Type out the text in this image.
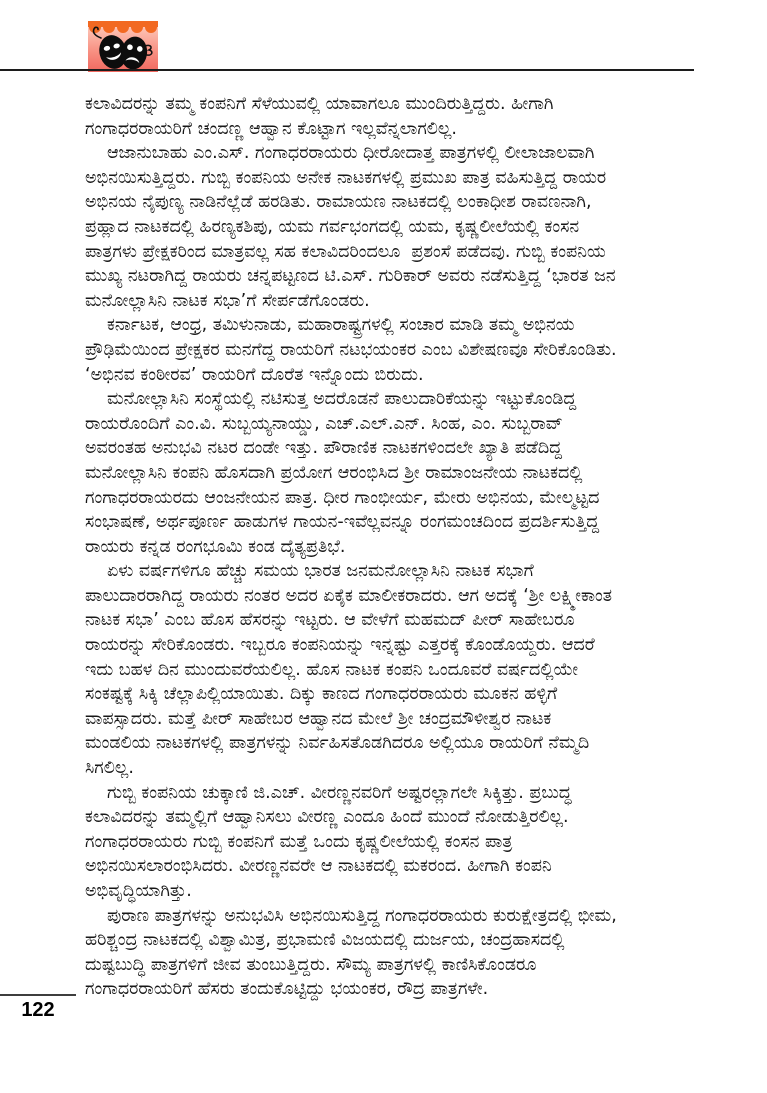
ಕಲಾವಿದರನ್ನು ತಮ್ಮ ಕಂಪನಿಗೆ ಸೆಳೆಯುವಲ್ಲಿ ಯಾವಾಗಲೂ ಮುಂದಿರುತ್ತಿದ್ದರು. ಹೀಗಾಗಿ
ಗಂಗಾಧರರಾಯರಿಗೆ ಚಂದಣ್ಣ ಆಹ್ವಾನ ಕೊಟ್ಟಾಗ ಇಲ್ಲವೆನ್ನಲಾಗಲಿಲ್ಲ.
ಆಜಾನುಬಾಹು ಎಂ.ಎಸ್. ಗಂಗಾಧರರಾಯರು ಧೀರೋದಾತ್ತ ಪಾತ್ರಗಳಲ್ಲಿ ಲೀಲಾಜಾಲವಾಗಿ
ಅಭಿನಯಿಸುತ್ತಿದ್ದರು. ಗುಬ್ಬಿ ಕಂಪನಿಯ ಅನೇಕ ನಾಟಕಗಳಲ್ಲಿ ಪ್ರಮುಖ ಪಾತ್ರ ವಹಿಸುತ್ತಿದ್ದ ರಾಯರ
ಅಭಿನಯ ನೈಪುಣ್ಯ ನಾಡಿನೆಲ್ಲೆಡೆ ಹರಡಿತು. ರಾಮಾಯಣ ನಾಟಕದಲ್ಲಿ ಲಂಕಾಧೀಶ ರಾವಣನಾಗಿ,
ಪ್ರಹ್ಲಾದ ನಾಟಕದಲ್ಲಿ ಹಿರಣ್ಯಕಶಿಪು, ಯಮ ಗರ್ವಭಂಗದಲ್ಲಿ ಯಮ, ಕೃಷ್ಣಲೀಲೆಯಲ್ಲಿ ಕಂಸನ
ಪಾತ್ರಗಳು ಪ್ರೇಕ್ಷಕರಿಂದ ಮಾತ್ರವಲ್ಲ ಸಹ ಕಲಾವಿದರಿಂದಲೂ  ಪ್ರಶಂಸೆ ಪಡೆದವು. ಗುಬ್ಬಿ ಕಂಪನಿಯ
ಮುಖ್ಯ ನಟರಾಗಿದ್ದ ರಾಯರು ಚನ್ನಪಟ್ಟಣದ ಟಿ.ಎಸ್. ಗುರಿಕಾರ್ ಅವರು ನಡೆಸುತ್ತಿದ್ದ ‘ಭಾರತ ಜನ
ಮನೋಲ್ಲಾಸಿನಿ ನಾಟಕ ಸಭಾ’ಗೆ ಸೇರ್ಪಡೆಗೊಂಡರು.
ಕರ್ನಾಟಕ, ಆಂಧ್ರ, ತಮಿಳುನಾಡು, ಮಹಾರಾಷ್ಟ್ರಗಳಲ್ಲಿ ಸಂಚಾರ ಮಾಡಿ ತಮ್ಮ ಅಭಿನಯ
ಪ್ರೌಢಿಮೆಯಿಂದ ಪ್ರೇಕ್ಷಕರ ಮನಗೆದ್ದ ರಾಯರಿಗೆ ನಟಭಯಂಕರ ಎಂಬ ವಿಶೇಷಣವೂ ಸೇರಿಕೊಂಡಿತು.
‘ಅಭಿನವ ಕಂಠೀರವ’ ರಾಯರಿಗೆ ದೊರೆತ ಇನ್ನೊಂದು ಬಿರುದು.
ಮನೋಲ್ಲಾಸಿನಿ ಸಂಸ್ಥೆಯಲ್ಲಿ ನಟಿಸುತ್ತ ಅದರೊಡನೆ ಪಾಲುದಾರಿಕೆಯನ್ನು ಇಟ್ಟುಕೊಂಡಿದ್ದ
ರಾಯರೊಂದಿಗೆ ಎಂ.ವಿ. ಸುಬ್ಬಯ್ಯನಾಯ್ಡು, ಎಚ್.ಎಲ್.ಎನ್. ಸಿಂಹ, ಎಂ. ಸುಬ್ಬರಾವ್
ಅವರಂತಹ ಅನುಭವಿ ನಟರ ದಂಡೇ ಇತ್ತು. ಪೌರಾಣಿಕ ನಾಟಕಗಳಿಂದಲೇ ಖ್ಯಾತಿ ಪಡೆದಿದ್ದ
ಮನೋಲ್ಲಾಸಿನಿ ಕಂಪನಿ ಹೊಸದಾಗಿ ಪ್ರಯೋಗ ಆರಂಭಿಸಿದ ಶ್ರೀ ರಾಮಾಂಜನೇಯ ನಾಟಕದಲ್ಲಿ
ಗಂಗಾಧರರಾಯರದು ಆಂಜನೇಯನ ಪಾತ್ರ. ಧೀರ ಗಾಂಭೀರ್ಯ, ಮೇರು ಅಭಿನಯ, ಮೇಲ್ಮಟ್ಟದ
ಸಂಭಾಷಣೆ, ಅರ್ಥಪೂರ್ಣ ಹಾಡುಗಳ ಗಾಯನ-ಇವೆಲ್ಲವನ್ನೂ ರಂಗಮಂಚದಿಂದ ಪ್ರದರ್ಶಿಸುತ್ತಿದ್ದ
ರಾಯರು ಕನ್ನಡ ರಂಗಭೂಮಿ ಕಂಡ ದೈತ್ಯಪ್ರತಿಭೆ.
ಏಳು ವರ್ಷಗಳಿಗೂ ಹೆಚ್ಚು ಸಮಯ ಭಾರತ ಜನಮನೋಲ್ಲಾಸಿನಿ ನಾಟಕ ಸಭಾಗೆ
ಪಾಲುದಾರರಾಗಿದ್ದ ರಾಯರು ನಂತರ ಅದರ ಏಕೈಕ ಮಾಲೀಕರಾದರು. ಆಗ ಅದಕ್ಕೆ ‘ಶ್ರೀ ಲಕ್ಷ್ಮೀಕಾಂತ
ನಾಟಕ ಸಭಾ’ ಎಂಬ ಹೊಸ ಹೆಸರನ್ನು ಇಟ್ಟರು. ಆ ವೇಳೆಗೆ ಮಹಮದ್ ಪೀರ್ ಸಾಹೇಬರೂ
ರಾಯರನ್ನು ಸೇರಿಕೊಂಡರು. ಇಬ್ಬರೂ ಕಂಪನಿಯನ್ನು ಇನ್ನಷ್ಟು ಎತ್ತರಕ್ಕೆ ಕೊಂಡೊಯ್ದರು. ಆದರೆ
ಇದು ಬಹಳ ದಿನ ಮುಂದುವರೆಯಲಿಲ್ಲ. ಹೊಸ ನಾಟಕ ಕಂಪನಿ ಒಂದೂವರೆ ವರ್ಷದಲ್ಲಿಯೇ
ಸಂಕಷ್ಟಕ್ಕೆ ಸಿಕ್ಕಿ ಚೆಲ್ಲಾಪಿಲ್ಲಿಯಾಯಿತು. ದಿಕ್ಕು ಕಾಣದ ಗಂಗಾಧರರಾಯರು ಮೂಕನ ಹಳ್ಳಿಗೆ
ವಾಪಸ್ಸಾದರು. ಮತ್ತೆ ಪೀರ್ ಸಾಹೇಬರ ಆಹ್ವಾನದ ಮೇಲೆ ಶ್ರೀ ಚಂದ್ರಮೌಳೀಶ್ವರ ನಾಟಕ
ಮಂಡಲಿಯ ನಾಟಕಗಳಲ್ಲಿ ಪಾತ್ರಗಳನ್ನು ನಿರ್ವಹಿಸತೊಡಗಿದರೂ ಅಲ್ಲಿಯೂ ರಾಯರಿಗೆ ನೆಮ್ಮದಿ
ಸಿಗಲಿಲ್ಲ.
ಗುಬ್ಬಿ ಕಂಪನಿಯ ಚುಕ್ಕಾಣಿ ಜಿ.ಎಚ್. ವೀರಣ್ಣನವರಿಗೆ ಅಷ್ಟರಲ್ಲಾಗಲೇ ಸಿಕ್ಕಿತ್ತು. ಪ್ರಬುದ್ಧ
ಕಲಾವಿದರನ್ನು ತಮ್ಮಲ್ಲಿಗೆ ಆಹ್ವಾನಿಸಲು ವೀರಣ್ಣ ಎಂದೂ ಹಿಂದೆ ಮುಂದೆ ನೋಡುತ್ತಿರಲಿಲ್ಲ.
ಗಂಗಾಧರರಾಯರು ಗುಬ್ಬಿ ಕಂಪನಿಗೆ ಮತ್ತೆ ಒಂದು ಕೃಷ್ಣಲೀಲೆಯಲ್ಲಿ ಕಂಸನ ಪಾತ್ರ
ಅಭಿನಯಿಸಲಾರಂಭಿಸಿದರು. ವೀರಣ್ಣನವರೇ ಆ ನಾಟಕದಲ್ಲಿ ಮಕರಂದ. ಹೀಗಾಗಿ ಕಂಪನಿ
ಅಭಿವೃದ್ಧಿಯಾಗಿತ್ತು.
ಪುರಾಣ ಪಾತ್ರಗಳನ್ನು ಅನುಭವಿಸಿ ಅಭಿನಯಿಸುತ್ತಿದ್ದ ಗಂಗಾಧರರಾಯರು ಕುರುಕ್ಷೇತ್ರದಲ್ಲಿ ಭೀಮ,
ಹರಿಶ್ಚಂದ್ರ ನಾಟಕದಲ್ಲಿ ವಿಶ್ವಾಮಿತ್ರ, ಪ್ರಭಾಮಣಿ ವಿಜಯದಲ್ಲಿ ದುರ್ಜಯ, ಚಂದ್ರಹಾಸದಲ್ಲಿ
ದುಷ್ಟಬುದ್ಧಿ ಪಾತ್ರಗಳಿಗೆ ಜೀವ ತುಂಬುತ್ತಿದ್ದರು. ಸೌಮ್ಯ ಪಾತ್ರಗಳಲ್ಲಿ ಕಾಣಿಸಿಕೊಂಡರೂ
ಗಂಗಾಧರರಾಯರಿಗೆ ಹೆಸರು ತಂದುಕೊಟ್ಟಿದ್ದು ಭಯಂಕರ, ರೌದ್ರ ಪಾತ್ರಗಳೇ.
122
